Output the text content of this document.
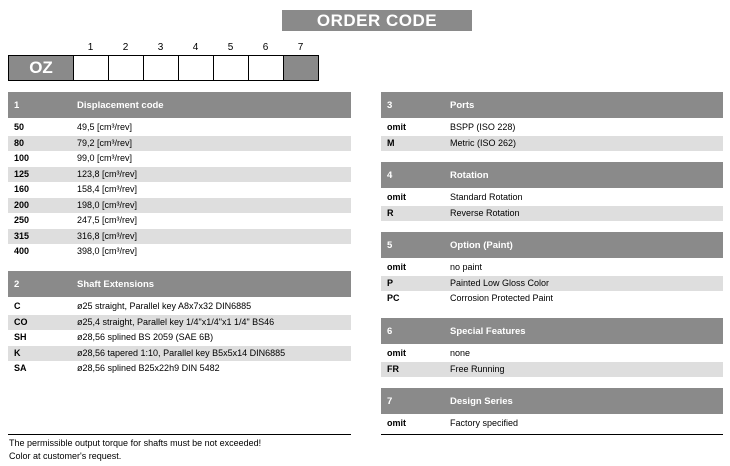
ORDER CODE
1	2	3	4	5	6	7
OZ
1	Displacement code
50	49,5 [cm³/rev]
80	79,2 [cm³/rev]
100	99,0 [cm³/rev]
125	123,8 [cm³/rev]
160	158,4 [cm³/rev]
200	198,0 [cm³/rev]
250	247,5 [cm³/rev]
315	316,8 [cm³/rev]
400	398,0 [cm³/rev]
2	Shaft Extensions
C	ø25 straight, Parallel key A8x7x32 DIN6885
CO	ø25,4 straight, Parallel key 1/4"x1/4"x1 1/4" BS46
SH	ø28,56 splined BS 2059 (SAE 6B)
K	ø28,56 tapered 1:10, Parallel key B5x5x14 DIN6885
SA	ø28,56 splined B25x22h9 DIN 5482
3	Ports
omit	BSPP (ISO 228)
M	Metric (ISO 262)
4	Rotation
omit	Standard Rotation
R	Reverse Rotation
5	Option (Paint)
omit	no paint
P	Painted Low Gloss Color
PC	Corrosion Protected Paint
6	Special Features
omit	none
FR	Free Running
7	Design Series
omit	Factory specified
The permissible output torque for shafts must be not exceeded!
Color at customer's request.
